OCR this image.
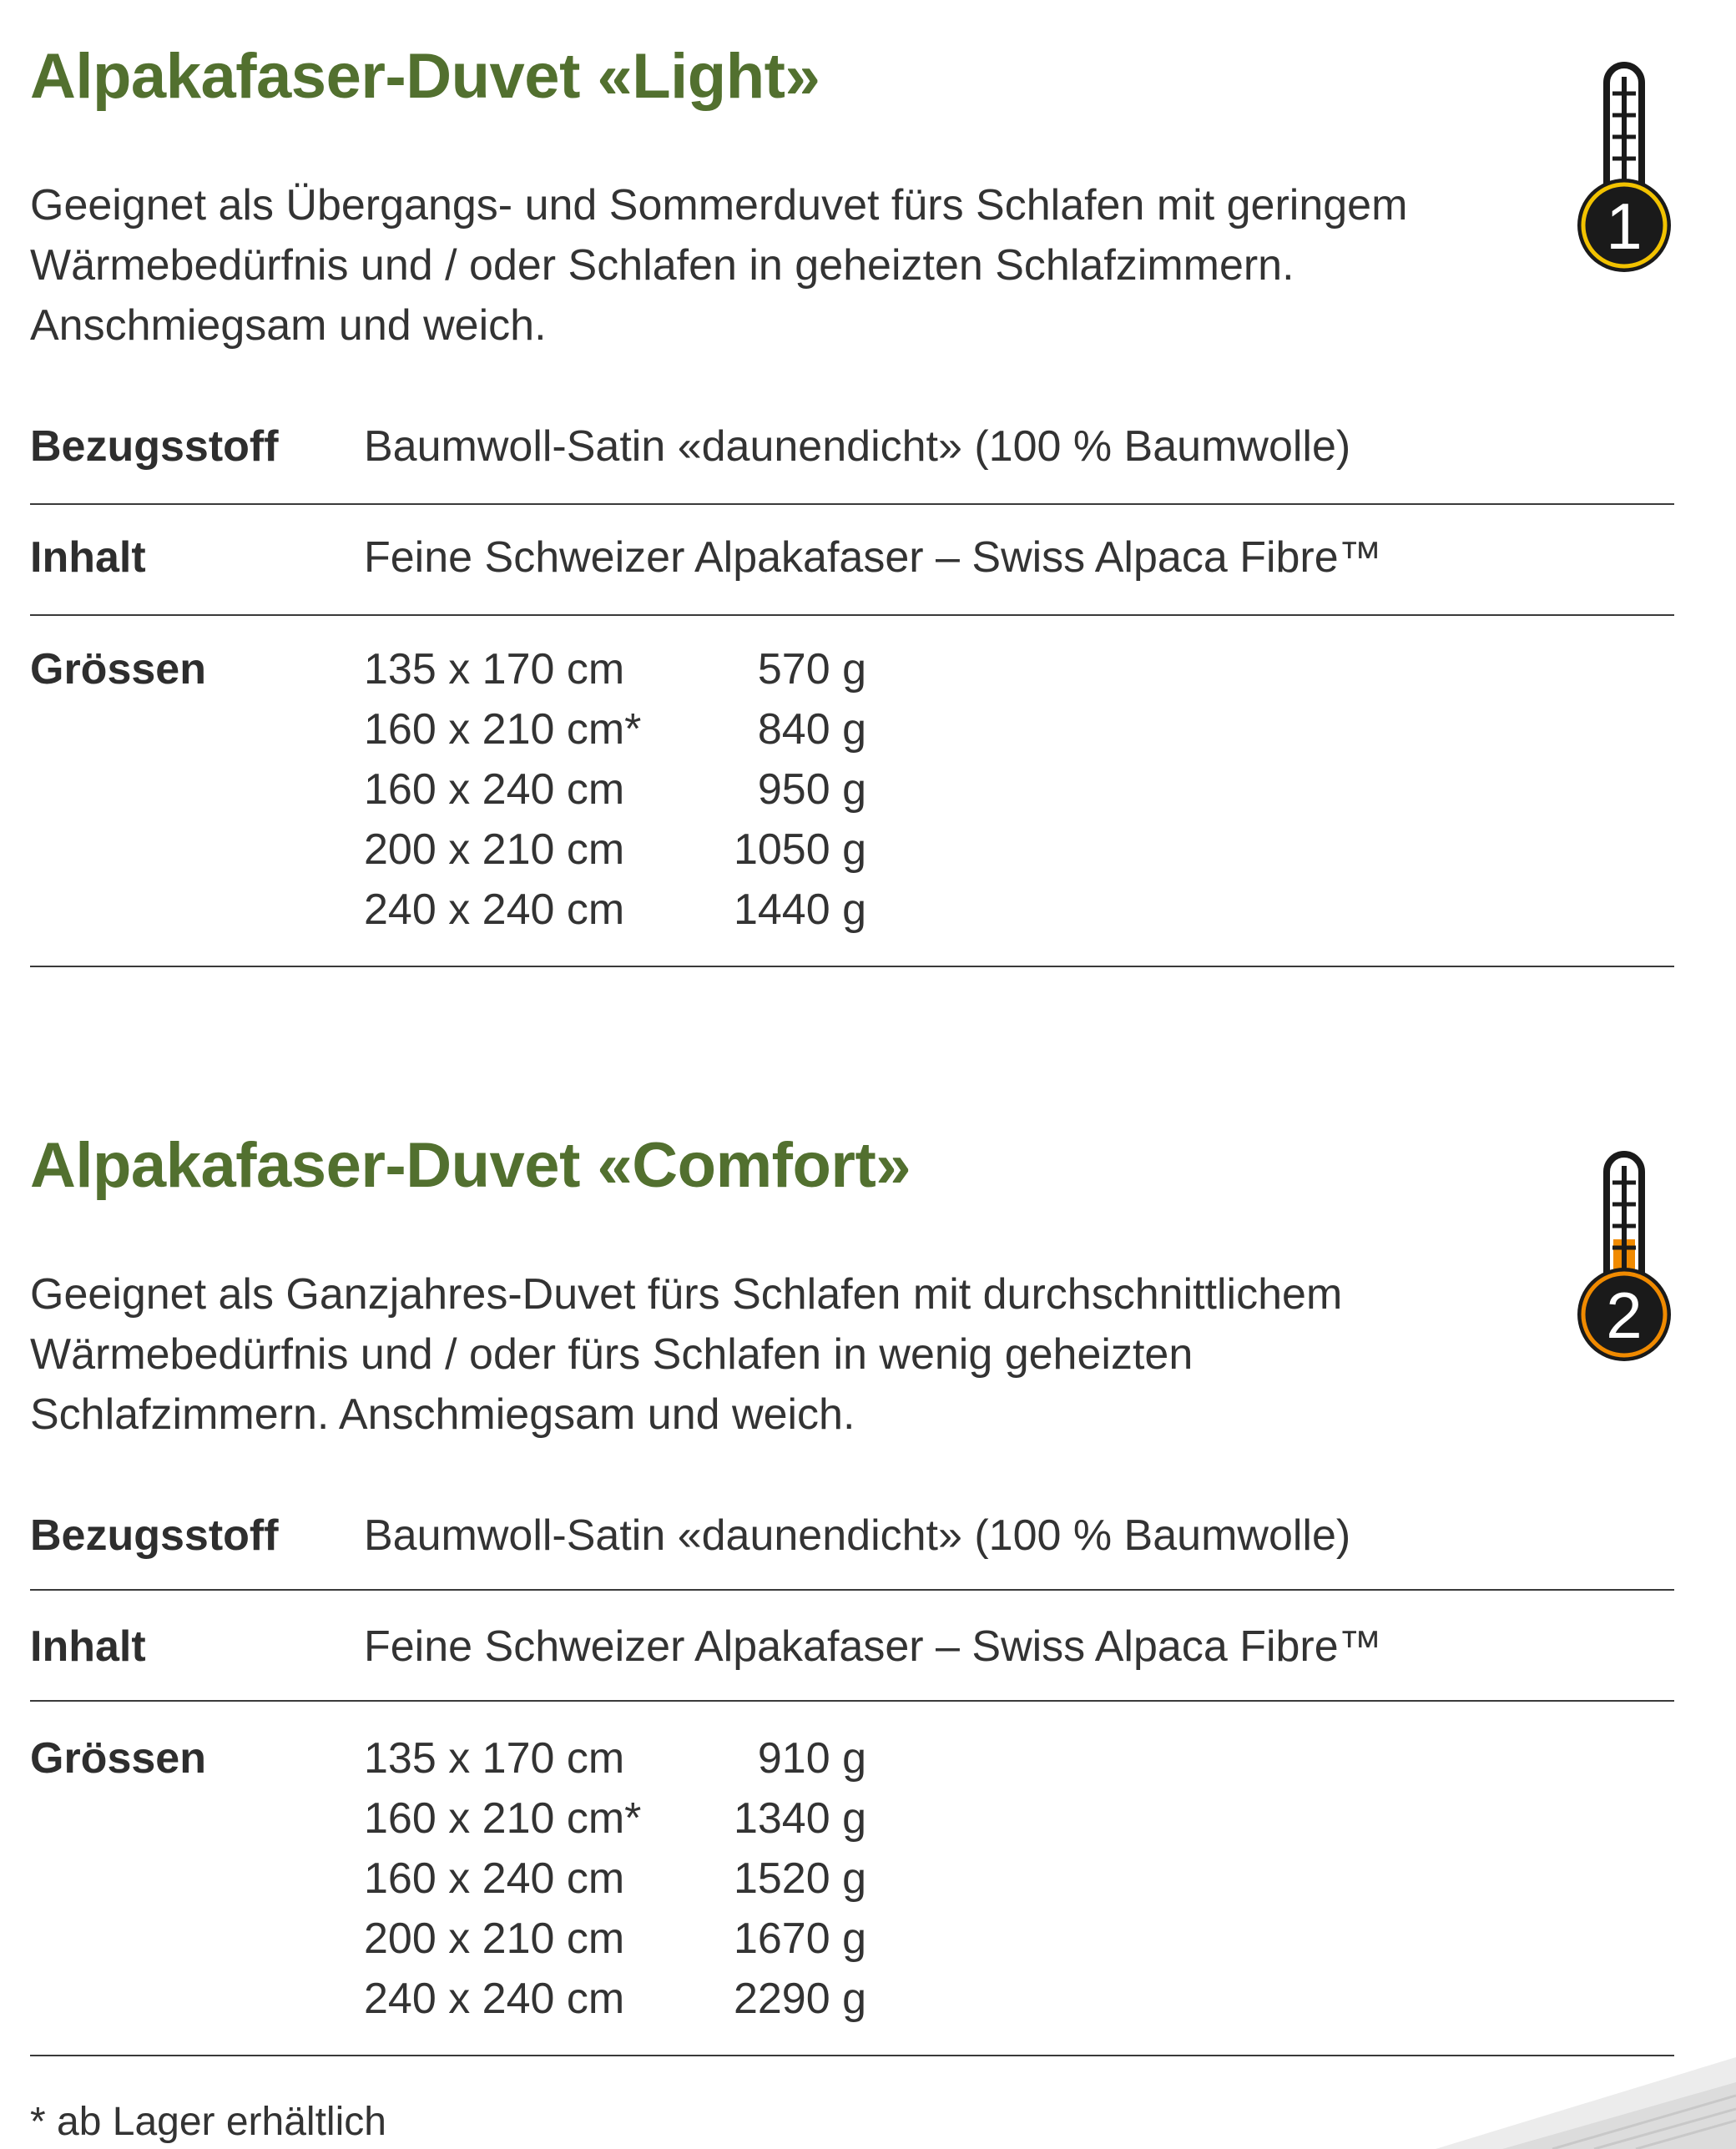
Alpakafaser-Duvet «Light»

Geeignet als Übergangs- und Sommerduvet fürs Schlafen mit geringem
Wärmebedürfnis und / oder Schlafen in geheizten Schlafzimmern.
Anschmiegsam und weich.

1
Bezugsstoff Baumwoll-Satin «daunendicht» (100 % Baumwolle)
Inhalt	Feine Schweizer Alpakafaser – Swiss Alpaca Fibre™
Grössen	135 x 170 cm	570 g
160 x 210 cm*	840 g
160 x 240 cm	950 g
200 x 210 cm	1050 g
240 x 240 cm	1440 g
Alpakafaser-Duvet «Comfort»

Geeignet als Ganzjahres-Duvet fürs Schlafen mit durchschnittlichem
Wärmebedürfnis und / oder fürs Schlafen in wenig geheizten
Schlafzimmern. Anschmiegsam und weich.

2
Bezugsstoff Baumwoll-Satin «daunendicht» (100 % Baumwolle)
Inhalt	Feine Schweizer Alpakafaser – Swiss Alpaca Fibre™
Grössen	135 x 170 cm	910 g
160 x 210 cm* 1340 g
160 x 240 cm	1520 g
200 x 210 cm	1670 g
240 x 240 cm	2290 g

* ab Lager erhältlich
